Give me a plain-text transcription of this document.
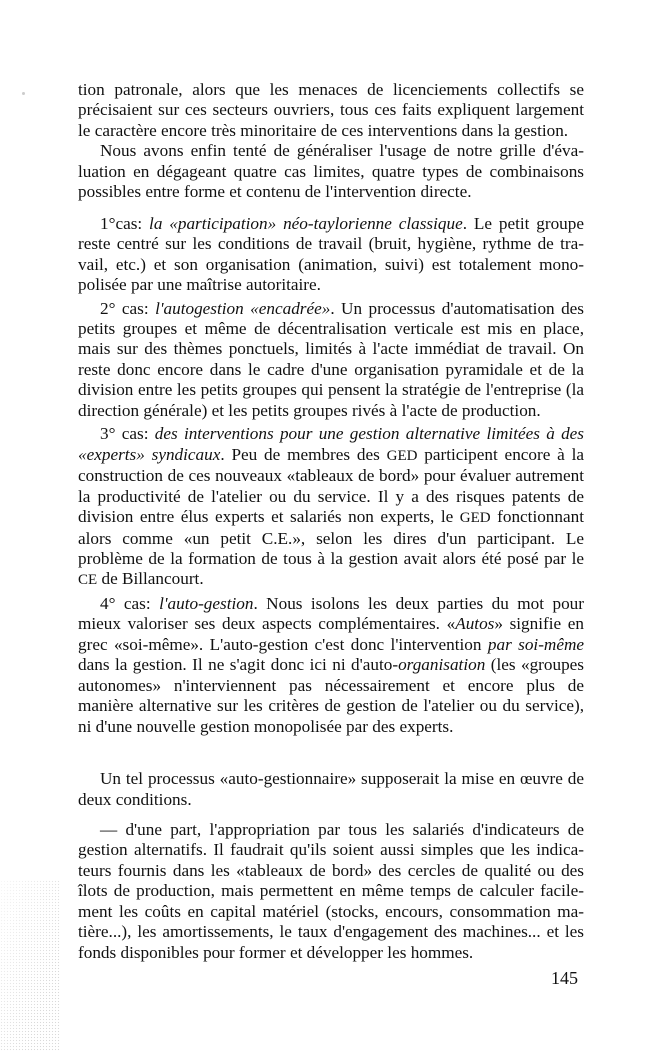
tion patronale, alors que les menaces de licenciements collectifs se précisaient sur ces secteurs ouvriers, tous ces faits expliquent largement le caractère encore très minoritaire de ces interventions dans la gestion.

Nous avons enfin tenté de généraliser l'usage de notre grille d'évaluation en dégageant quatre cas limites, quatre types de combinaisons possibles entre forme et contenu de l'intervention directe.

1°cas: la «participation» néo-taylorienne classique. Le petit groupe reste centré sur les conditions de travail (bruit, hygiène, rythme de travail, etc.) et son organisation (animation, suivi) est totalement monopolisée par une maîtrise autoritaire.

2° cas: l'autogestion «encadrée». Un processus d'automatisation des petits groupes et même de décentralisation verticale est mis en place, mais sur des thèmes ponctuels, limités à l'acte immédiat de travail. On reste donc encore dans le cadre d'une organisation pyramidale et de la division entre les petits groupes qui pensent la stratégie de l'entreprise (la direction générale) et les petits groupes rivés à l'acte de production.

3° cas: des interventions pour une gestion alternative limitées à des «experts» syndicaux. Peu de membres des GED participent encore à la construction de ces nouveaux «tableaux de bord» pour évaluer autrement la productivité de l'atelier ou du service. Il y a des risques patents de division entre élus experts et salariés non experts, le GED fonctionnant alors comme «un petit C.E.», selon les dires d'un participant. Le problème de la formation de tous à la gestion avait alors été posé par le CE de Billancourt.

4° cas: l'auto-gestion. Nous isolons les deux parties du mot pour mieux valoriser ses deux aspects complémentaires. «Autos» signifie en grec «soi-même». L'auto-gestion c'est donc l'intervention par soi-même dans la gestion. Il ne s'agit donc ici ni d'auto-organisation (les «groupes autonomes» n'interviennent pas nécessairement et encore plus de manière alternative sur les critères de gestion de l'atelier ou du service), ni d'une nouvelle gestion monopolisée par des experts.

Un tel processus «auto-gestionnaire» supposerait la mise en œuvre de deux conditions.

— d'une part, l'appropriation par tous les salariés d'indicateurs de gestion alternatifs. Il faudrait qu'ils soient aussi simples que les indicateurs fournis dans les «tableaux de bord» des cercles de qualité ou des îlots de production, mais permettent en même temps de calculer facilement les coûts en capital matériel (stocks, encours, consommation matière...), les amortissements, le taux d'engagement des machines... et les fonds disponibles pour former et développer les hommes.

145
